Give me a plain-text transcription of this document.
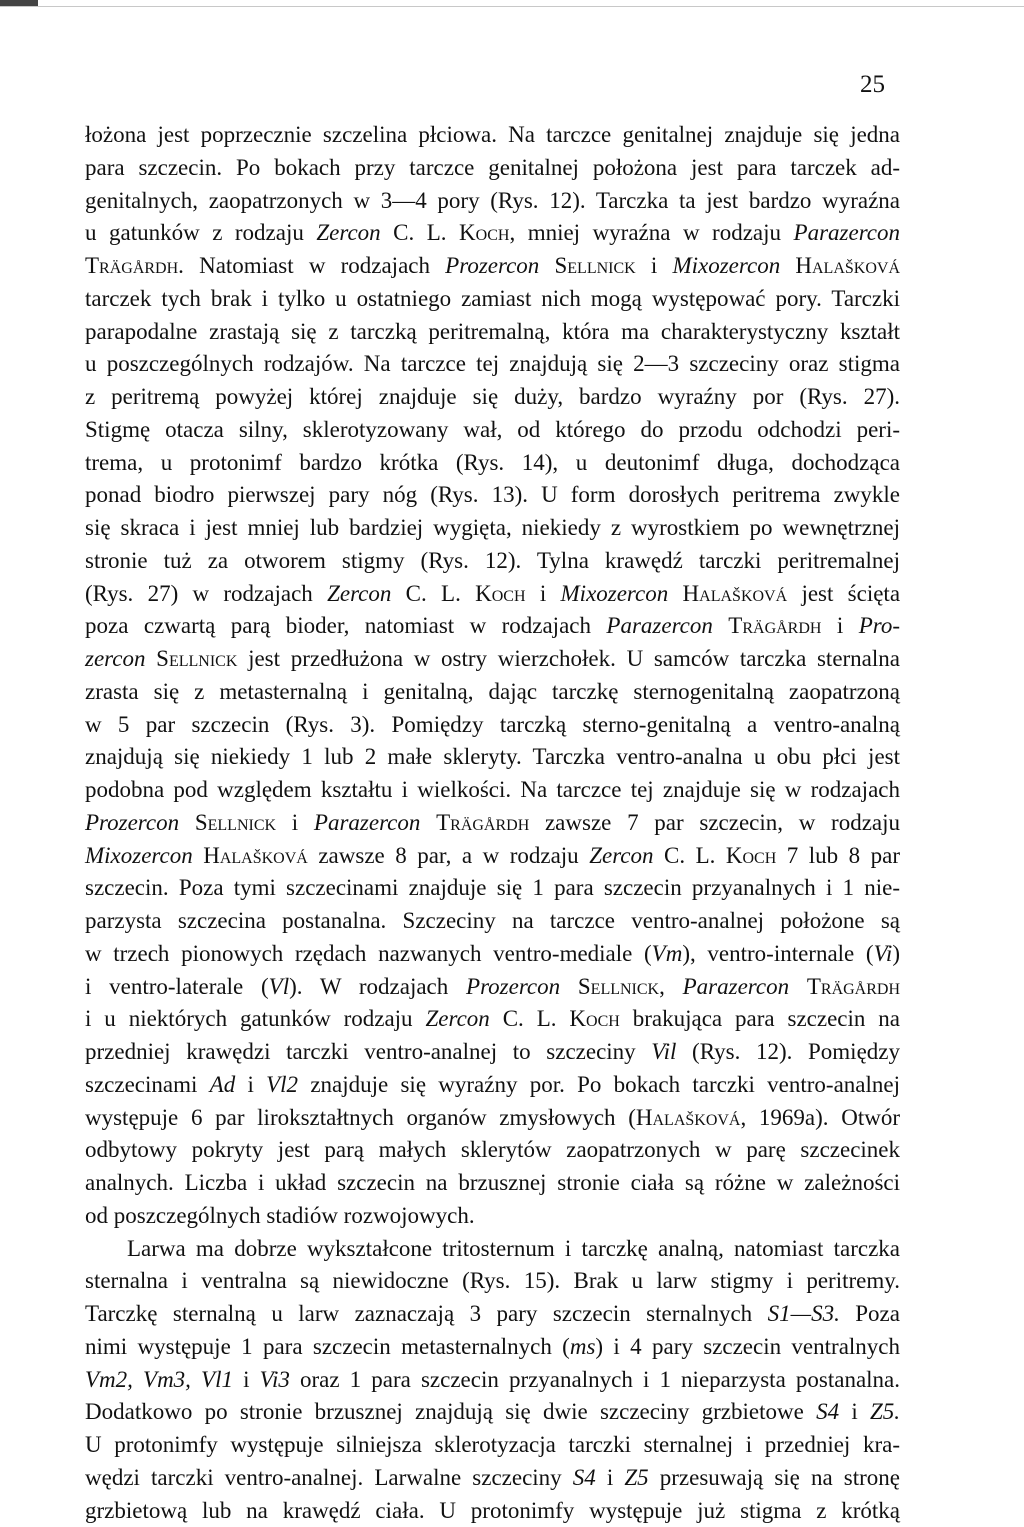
25
łożona jest poprzecznie szczelina płciowa. Na tarczce genitalnej znajduje się jedna
para szczecin. Po bokach przy tarczce genitalnej położona jest para tarczek ad-
genitalnych, zaopatrzonych w 3—4 pory (Rys. 12). Tarczka ta jest bardzo wyraźna
u gatunków z rodzaju Zercon C. L. Koch, mniej wyraźna w rodzaju Parazercon
Trägårdh. Natomiast w rodzajach Prozercon Sellnick i Mixozercon Halašková
tarczek tych brak i tylko u ostatniego zamiast nich mogą występować pory. Tarczki
parapodalne zrastają się z tarczką peritremalną, która ma charakterystyczny kształt
u poszczególnych rodzajów. Na tarczce tej znajdują się 2—3 szczeciny oraz stigma
z peritremą powyżej której znajduje się duży, bardzo wyraźny por (Rys. 27).
Stigmę otacza silny, sklerotyzowany wał, od którego do przodu odchodzi peri-
trema, u protonimf bardzo krótka (Rys. 14), u deutonimf długa, dochodząca
ponad biodro pierwszej pary nóg (Rys. 13). U form dorosłych peritrema zwykle
się skraca i jest mniej lub bardziej wygięta, niekiedy z wyrostkiem po wewnętrznej
stronie tuż za otworem stigmy (Rys. 12). Tylna krawędź tarczki peritremalnej
(Rys. 27) w rodzajach Zercon C. L. Koch i Mixozercon Halašková jest ścięta
poza czwartą parą bioder, natomiast w rodzajach Parazercon Trägårdh i Pro-
zercon Sellnick jest przedłużona w ostry wierzchołek. U samców tarczka sternalna
zrasta się z metasternalną i genitalną, dając tarczkę sternogenitalną zaopatrzoną
w 5 par szczecin (Rys. 3). Pomiędzy tarczką sterno-genitalną a ventro-analną
znajdują się niekiedy 1 lub 2 małe skleryty. Tarczka ventro-analna u obu płci jest
podobna pod względem kształtu i wielkości. Na tarczce tej znajduje się w rodzajach
Prozercon Sellnick i Parazercon Trägårdh zawsze 7 par szczecin, w rodzaju
Mixozercon Halašková zawsze 8 par, a w rodzaju Zercon C. L. Koch 7 lub 8 par
szczecin. Poza tymi szczecinami znajduje się 1 para szczecin przyanalnych i 1 nie-
parzysta szczecina postanalna. Szczeciny na tarczce ventro-analnej położone są
w trzech pionowych rzędach nazwanych ventro-mediale (Vm), ventro-internale (Vi)
i ventro-laterale (Vl). W rodzajach Prozercon Sellnick, Parazercon Trägårdh
i u niektórych gatunków rodzaju Zercon C. L. Koch brakująca para szczecin na
przedniej krawędzi tarczki ventro-analnej to szczeciny Vil (Rys. 12). Pomiędzy
szczecinami Ad i Vl2 znajduje się wyraźny por. Po bokach tarczki ventro-analnej
występuje 6 par lirokształtnych organów zmysłowych (Halašková, 1969a). Otwór
odbytowy pokryty jest parą małych sklerytów zaopatrzonych w parę szczecinek
analnych. Liczba i układ szczecin na brzusznej stronie ciała są różne w zależności
od poszczególnych stadiów rozwojowych.
Larwa ma dobrze wykształcone tritosternum i tarczkę analną, natomiast tarczka
sternalna i ventralna są niewidoczne (Rys. 15). Brak u larw stigmy i peritremy.
Tarczkę sternalną u larw zaznaczają 3 pary szczecin sternalnych S1—S3. Poza
nimi występuje 1 para szczecin metasternalnych (ms) i 4 pary szczecin ventralnych
Vm2, Vm3, Vl1 i Vi3 oraz 1 para szczecin przyanalnych i 1 nieparzysta postanalna.
Dodatkowo po stronie brzusznej znajdują się dwie szczeciny grzbietowe S4 i Z5.
U protonimfy występuje silniejsza sklerotyzacja tarczki sternalnej i przedniej kra-
wędzi tarczki ventro-analnej. Larwalne szczeciny S4 i Z5 przesuwają się na stronę
grzbietową lub na krawędź ciała. U protonimfy występuje już stigma z krótką
